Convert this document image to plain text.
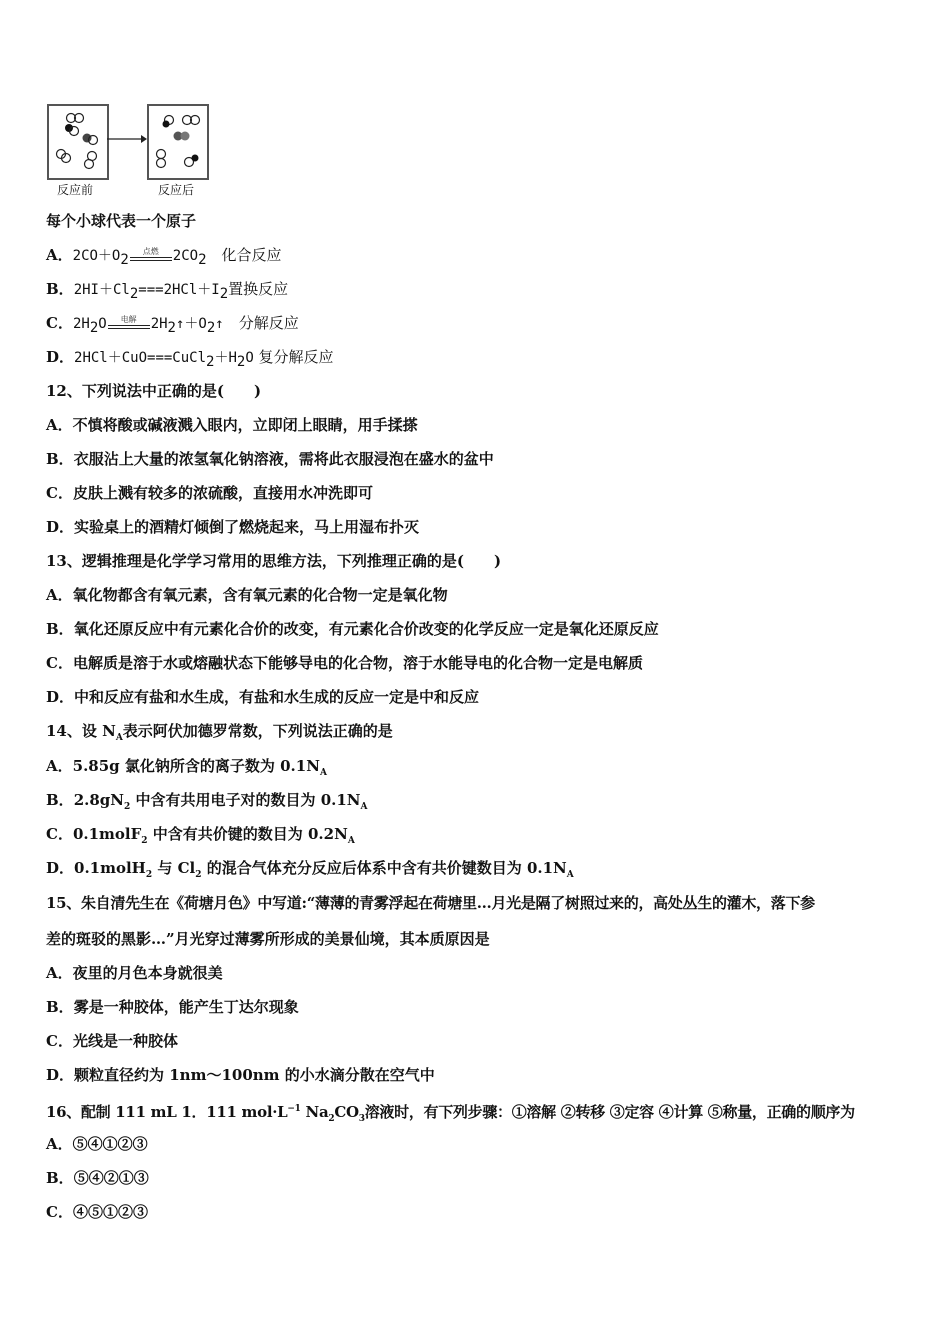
反应前	反应后
每个小球代表一个原子
A．$2CO+O_2$
点燃	$2CO_2$　化合反应
B．$2HI+Cl_2===2HCl+I_2$置换反应
C．$2H_2O$	电解	$2H_2↑+O_2↑$　分解反应
D．$2HCl+CuO===CuCl_2+H_2O$ 复分解反应
12、下列说法中正确的是(　　)
A．不慎将酸或碱液溅入眼内，立即闭上眼睛，用手揉搽
B．衣服沾上大量的浓氢氧化钠溶液，需将此衣服浸泡在盛水的盆中
C．皮肤上溅有较多的浓硫酸，直接用水冲洗即可
D．实验桌上的酒精灯倾倒了燃烧起来，马上用湿布扑灭
13、逻辑推理是化学学习常用的思维方法，下列推理正确的是(　　)
A．氧化物都含有氧元素，含有氧元素的化合物一定是氧化物
B．氧化还原反应中有元素化合价的改变，有元素化合价改变的化学反应一定是氧化还原反应
C．电解质是溶于水或熔融状态下能够导电的化合物，溶于水能导电的化合物一定是电解质
D．中和反应有盐和水生成，有盐和水生成的反应一定是中和反应
14、设 $N_A$表示阿伏加德罗常数，下列说法正确的是
A．5.85g 氯化钠所含的离子数为 $0.1N_A$
B．$2.8gN_2$ 中含有共用电子对的数目为 $0.1N_A$
C．0.1molF$_2$ 中含有共价键的数目为 $0.2N_A$
D．0.1molH$_2$ 与 $Cl_2$ 的混合气体充分反应后体系中含有共价键数目为 $0.1N_A$
15、朱自清先生在《荷塘月色》中写道:“薄薄的青雾浮起在荷塘里…月光是隔了树照过来的，高处丛生的灌木，落下参
差的斑驳的黑影…”月光穿过薄雾所形成的美景仙境，其本质原因是
A．夜里的月色本身就很美
B．雾是一种胶体，能产生丁达尔现象
C．光线是一种胶体
D．颗粒直径约为 1nm～100nm 的小水滴分散在空气中
16、配制 111 mL 1．111 $mol\cdot L^{-1}$ $Na_2CO_3$溶液时，有下列步骤：①溶解 ②转移 ③定容 ④计算 ⑤称量，正确的顺序为
A．⑤④①②③
B．⑤④②①③
C．④⑤①②③
